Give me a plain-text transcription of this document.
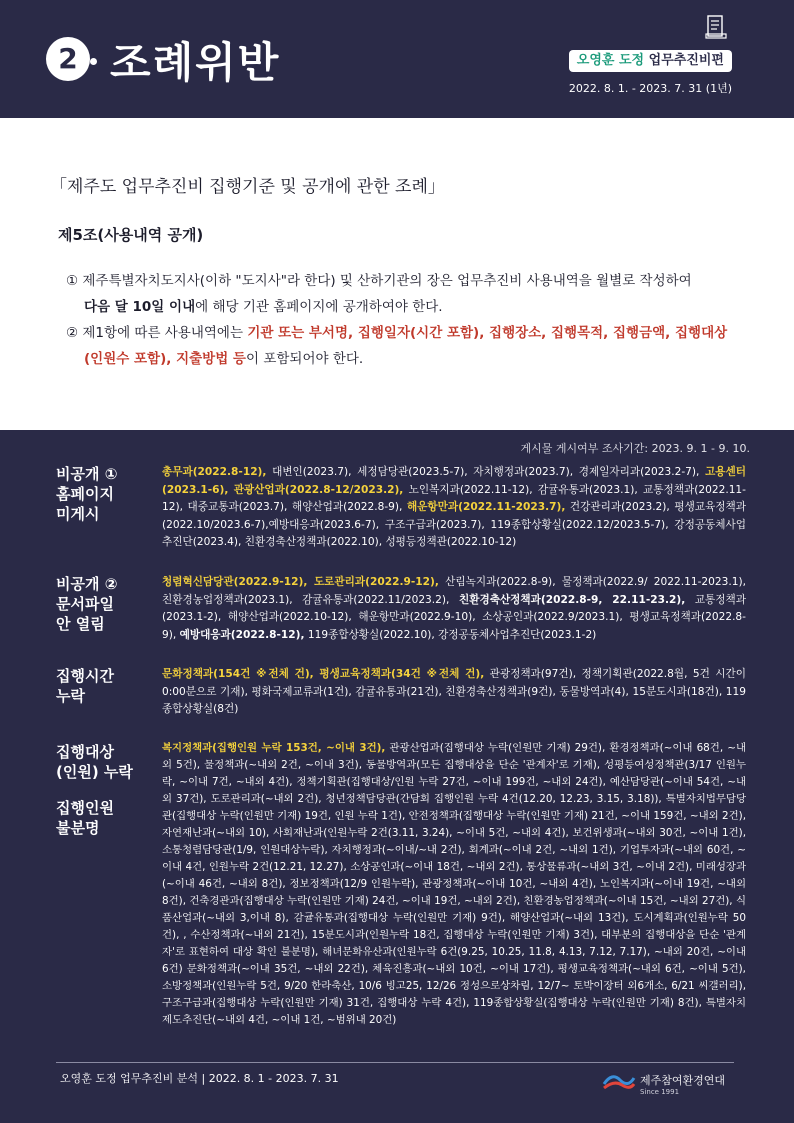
2 조례위반	오영훈 도정 업무추진비편
2022. 8. 1. - 2023. 7. 31 (1년)
「제주도 업무추진비 집행기준 및 공개에 관한 조례」
제5조(사용내역 공개)
① 제주특별자치도지사(이하 "도지사"라 한다) 및 산하기관의 장은 업무추진비 사용내역을 월별로 작성하여
다음 달 10일 이내에 해당 기관 홈페이지에 공개하여야 한다.
② 제1항에 따른 사용내역에는 기관 또는 부서명, 집행일자(시간 포함), 집행장소, 집행목적, 집행금액, 집행대상
(인원수 포함), 지출방법 등이 포함되어야 한다.
게시물 게시여부 조사기간: 2023. 9. 1 - 9. 10.
비공개 ①
홈페이지
미게시
총무과(2022.8-12), 대변인(2023.7), 세정담당관(2023.5-7), 자치행정과(2023.7), 경제일자리과(2023.2-7), 고용센터(2023.1-6), 관광산업과(2022.8-12/2023.2), 노인복지과(2022.11-12), 감귤유통과(2023.1), 교통정책과(2022.11-12), 대중교통과(2023.7), 해양산업과(2022.8-9), 해운항만과(2022.11-2023.7), 건강관리과(2023.2), 평생교육정책과(2022.10/2023.6-7),예방대응과(2023.6-7), 구조구급과(2023.7), 119종합상황실(2022.12/2023.5-7), 강정공동체사업추진단(2023.4), 친환경축산정책과(2022.10), 성평등정책관(2022.10-12)
비공개 ②
문서파일
안 열림
청렴혁신담당관(2022.9-12), 도로관리과(2022.9-12), 산림녹지과(2022.8-9), 물정책과(2022.9/ 2022.11-2023.1), 친환경농업정책과(2023.1), 감귤유통과(2022.11/2023.2), 친환경축산정책과(2022.8-9, 22.11-23.2), 교통정책과(2023.1-2), 해양산업과(2022.10-12), 해운항만과(2022.9-10), 소상공인과(2022.9/2023.1), 평생교육정책과(2022.8-9), 예방대응과(2022.8-12), 119종합상황실(2022.10), 강정공동체사업추진단(2023.1-2)
집행시간
누락
문화정책과(154건 ※전체 건), 평생교육정책과(34건 ※전체 건), 관광정책과(97건), 정책기획관(2022.8월, 5건 시간이 0:00분으로 기재), 평화국제교류과(1건), 감귤유통과(21건), 친환경축산정책과(9건), 동물방역과(4), 15분도시과(18건), 119종합상황실(8건)
집행대상
(인원) 누락
집행인원
불분명
복지정책과(집행인원 누락 153건, ~이내 3건), 관광산업과(집행대상 누락(인원만 기재) 29건), 환경정책과(~이내 68건, ~내외 5건), 물정책과(~내외 2건, ~이내 3건), 동물방역과(모든 집행대상을 단순 '관계자'로 기재), 성평등여성정책관(3/17 인원누락, ~이내 7건, ~내외 4건), 정책기획관(집행대상/인원 누락 27건, ~이내 199건, ~내외 24건), 예산담당관(~이내 54건, ~내외 37건), 도로관리과(~내외 2건), 청년정책담당관(간담회 집행인원 누락 4건(12.20, 12.23, 3.15, 3.18)), 특별자치법무담당관(집행대상 누락(인원만 기재) 19건, 인원 누락 1건), 안전정책과(집행대상 누락(인원만 기재) 21건, ~이내 159건, ~내외 2건), 자연재난과(~내외 10), 사회재난과(인원누락 2건(3.11, 3.24), ~이내 5건, ~내외 4건), 보건위생과(~내외 30건, ~이내 1건), 소통청렴담당관(1/9, 인원대상누락), 자치행정과(~이내/~내 2건), 회계과(~이내 2건, ~내외 1건), 기업투자과(~내외 60건, ~이내 4건, 인원누락 2건(12.21, 12.27), 소상공인과(~이내 18건, ~내외 2건), 통상물류과(~내외 3건, ~이내 2건), 미래성장과(~이내 46건, ~내외 8건), 정보정책과(12/9 인원누락), 관광정책과(~이내 10건, ~내외 4건), 노인복지과(~이내 19건, ~내외 8건), 건축경관과(집행대상 누락(인원만 기재) 24건, ~이내 19건, ~내외 2건), 친환경농업정책과(~이내 15건, ~내외 27건), 식품산업과(~내외 3,이내 8), 감귤유통과(집행대상 누락(인원만 기재) 9건), 해양산업과(~내외 13건), 도시계획과(인원누락 50건), , 수산정책과(~내외 21건), 15분도시과(인원누락 18건, 집행대상 누락(인원만 기재) 3건), 대부분의 집행대상을 단순 '관계자'로 표현하여 대상 확인 불분명), 해녀문화유산과(인원누락 6건(9.25, 10.25, 11.8, 4.13, 7.12, 7.17), ~내외 20건, ~이내 6건) 문화정책과(~이내 35건, ~내외 22건), 체육진흥과(~내외 10건, ~이내 17건), 평생교육정책과(~내외 6건, ~이내 5건), 소방정책과(인원누락 5건, 9/20 한라축산, 10/6 빙고25, 12/26 정성으로상차림, 12/7~ 토박이장터 외6개소, 6/21 씨갤러리), 구조구급과(집행대상 누락(인원만 기재) 31건, 집행대상 누락 4건), 119종합상황실(집행대상 누락(인원만 기재) 8건), 특별자치제도추진단(~내외 4건, ~이내 1건, ~범위내 20건)
오영훈 도정 업무추진비 분석 | 2022. 8. 1 - 2023. 7. 31	제주참여환경연대
Since 1991
